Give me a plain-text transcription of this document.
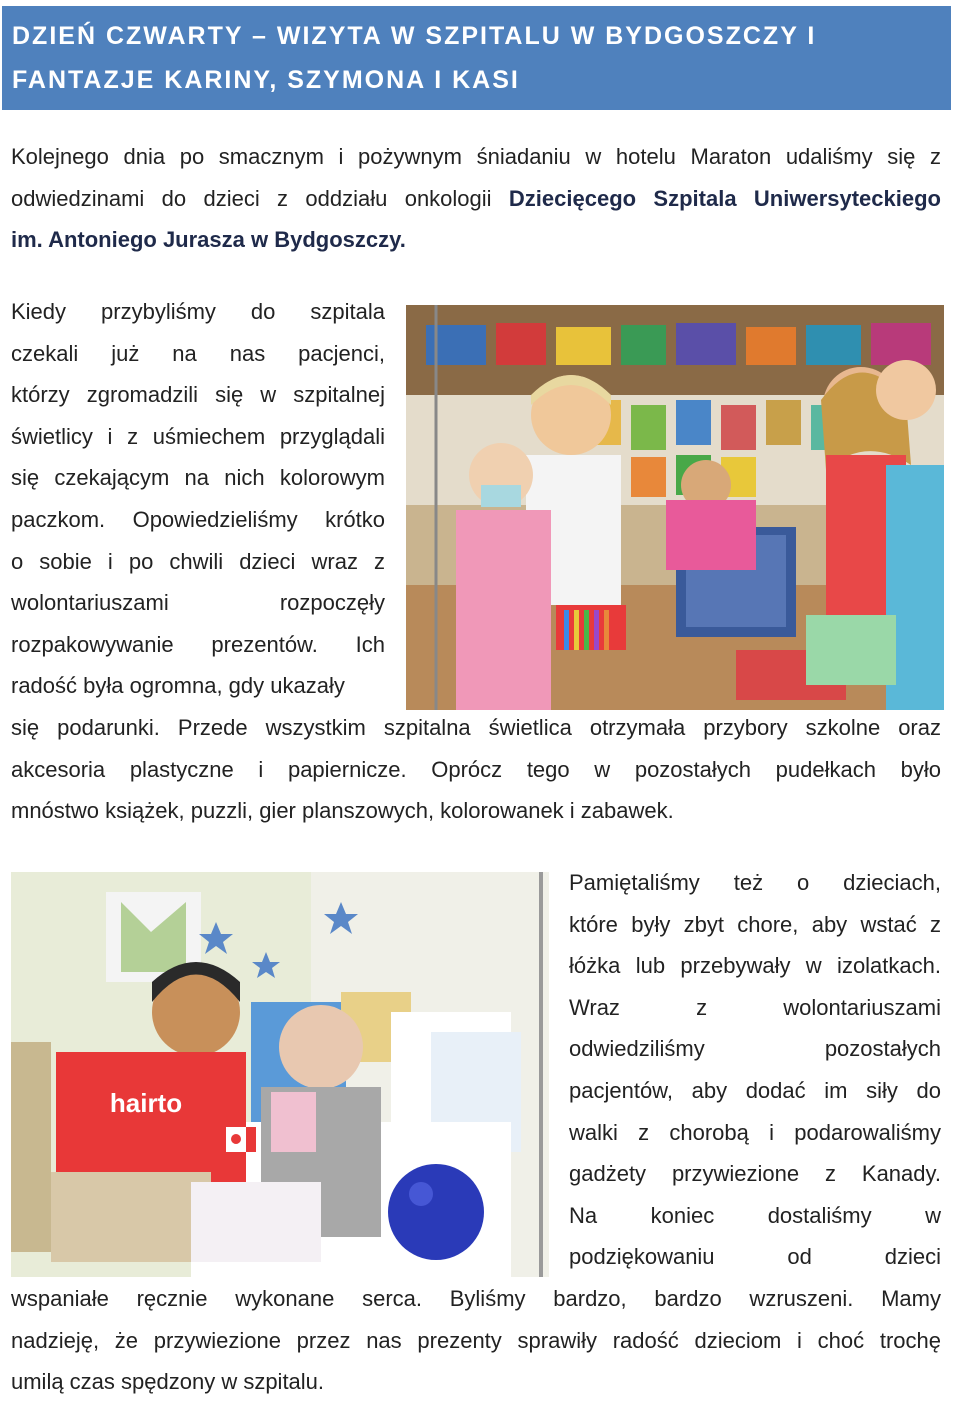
DZIEŃ CZWARTY – WIZYTA W SZPITALU W BYDGOSZCZY I

FANTAZJE KARINY, SZYMONA I KASI

Kolejnego dnia po smacznym i pożywnym śniadaniu w hotelu Maraton udaliśmy się z
odwiedzinami do dzieci z oddziału onkologii Dziecięcego Szpitala Uniwersyteckiego
im. Antoniego Jurasza w Bydgoszczy.
Kiedy przybyliśmy do szpitala
czekali już na nas pacjenci,
którzy zgromadzili się w szpitalnej
świetlicy i z uśmiechem przyglądali
się czekającym na nich kolorowym
paczkom. Opowiedzieliśmy krótko
o sobie i po chwili dzieci wraz z
wolontariuszami rozpoczęły
rozpakowywanie prezentów. Ich
radość była ogromna, gdy ukazały
się podarunki. Przede wszystkim szpitalna świetlica otrzymała przybory szkolne oraz
akcesoria plastyczne i papiernicze. Oprócz tego w pozostałych pudełkach było
mnóstwo książek, puzzli, gier planszowych, kolorowanek i zabawek.
hairto
Pamiętaliśmy też o dzieciach,
które były zbyt chore, aby wstać z
łóżka lub przebywały w izolatkach.
Wraz z wolontariuszami
odwiedziliśmy pozostałych
pacjentów, aby dodać im siły do
walki z chorobą i podarowaliśmy
gadżety przywiezione z Kanady.
Na koniec dostaliśmy w
podziękowaniu od dzieci
wspaniałe ręcznie wykonane serca. Byliśmy bardzo, bardzo wzruszeni. Mamy
nadzieję, że przywiezione przez nas prezenty sprawiły radość dzieciom i choć trochę
umilą czas spędzony w szpitalu.
